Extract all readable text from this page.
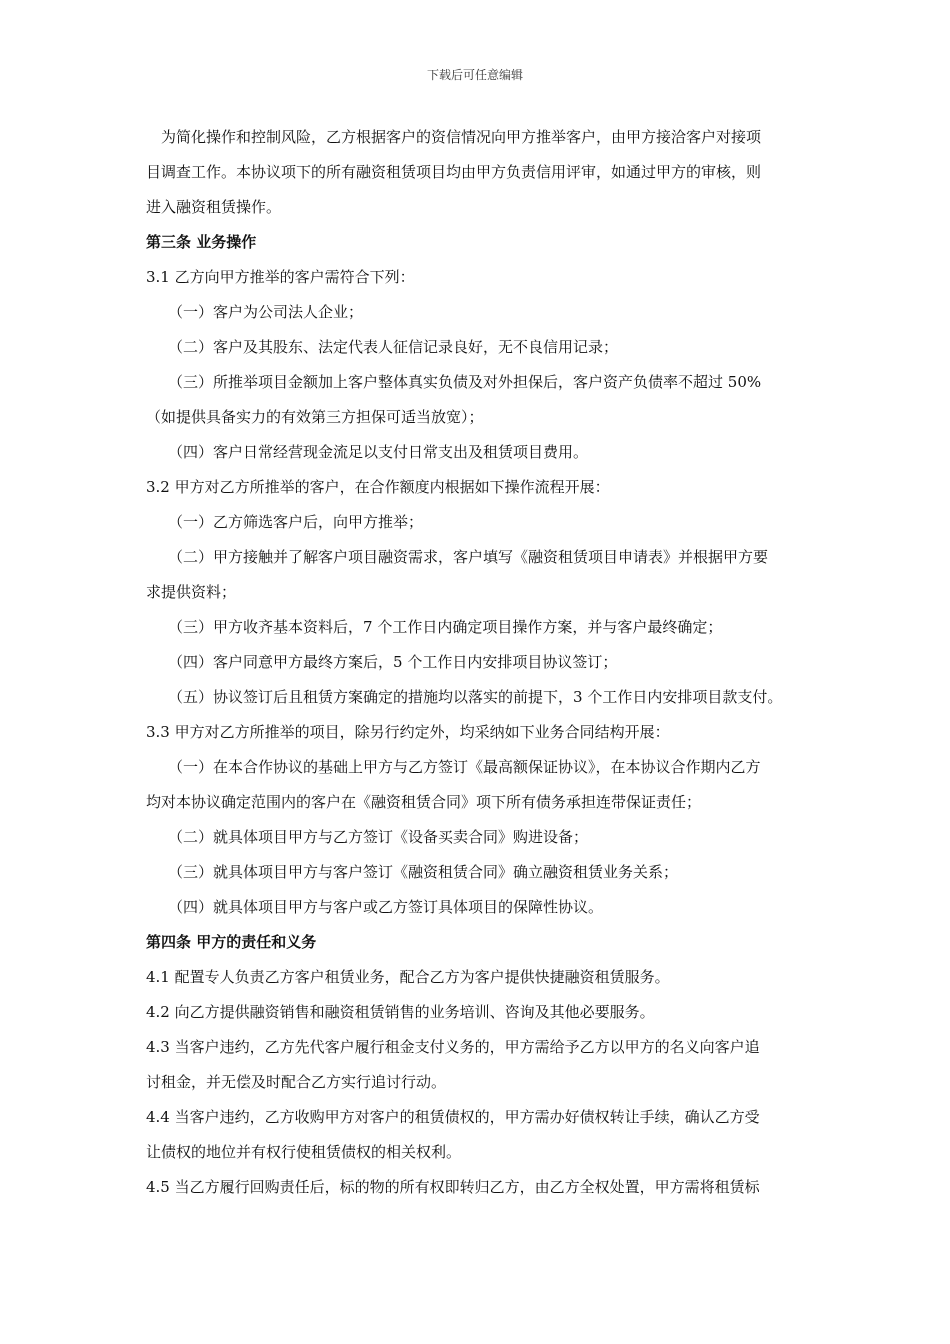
下载后可任意编辑
为简化操作和控制风险，乙方根据客户的资信情况向甲方推举客户，由甲方接洽客户对接项
目调查工作。本协议项下的所有融资租赁项目均由甲方负责信用评审，如通过甲方的审核，则
进入融资租赁操作。
第三条 业务操作
3.1 乙方向甲方推举的客户需符合下列：
（一）客户为公司法人企业；
（二）客户及其股东、法定代表人征信记录良好，无不良信用记录；
（三）所推举项目金额加上客户整体真实负债及对外担保后，客户资产负债率不超过 50%
（如提供具备实力的有效第三方担保可适当放宽）；
（四）客户日常经营现金流足以支付日常支出及租赁项目费用。
3.2 甲方对乙方所推举的客户，在合作额度内根据如下操作流程开展：
（一）乙方筛选客户后，向甲方推举；
（二）甲方接触并了解客户项目融资需求，客户填写《融资租赁项目申请表》并根据甲方要
求提供资料；
（三）甲方收齐基本资料后，7 个工作日内确定项目操作方案，并与客户最终确定；
（四）客户同意甲方最终方案后，5 个工作日内安排项目协议签订；
（五）协议签订后且租赁方案确定的措施均以落实的前提下，3 个工作日内安排项目款支付。
3.3 甲方对乙方所推举的项目，除另行约定外，均采纳如下业务合同结构开展：
（一）在本合作协议的基础上甲方与乙方签订《最高额保证协议》，在本协议合作期内乙方
均对本协议确定范围内的客户在《融资租赁合同》项下所有债务承担连带保证责任；
（二）就具体项目甲方与乙方签订《设备买卖合同》购进设备；
（三）就具体项目甲方与客户签订《融资租赁合同》确立融资租赁业务关系；
（四）就具体项目甲方与客户或乙方签订具体项目的保障性协议。
第四条 甲方的责任和义务
4.1 配置专人负责乙方客户租赁业务，配合乙方为客户提供快捷融资租赁服务。
4.2 向乙方提供融资销售和融资租赁销售的业务培训、咨询及其他必要服务。
4.3 当客户违约，乙方先代客户履行租金支付义务的，甲方需给予乙方以甲方的名义向客户追
讨租金，并无偿及时配合乙方实行追讨行动。
4.4 当客户违约，乙方收购甲方对客户的租赁债权的，甲方需办好债权转让手续，确认乙方受
让债权的地位并有权行使租赁债权的相关权利。
4.5 当乙方履行回购责任后，标的物的所有权即转归乙方，由乙方全权处置，甲方需将租赁标
